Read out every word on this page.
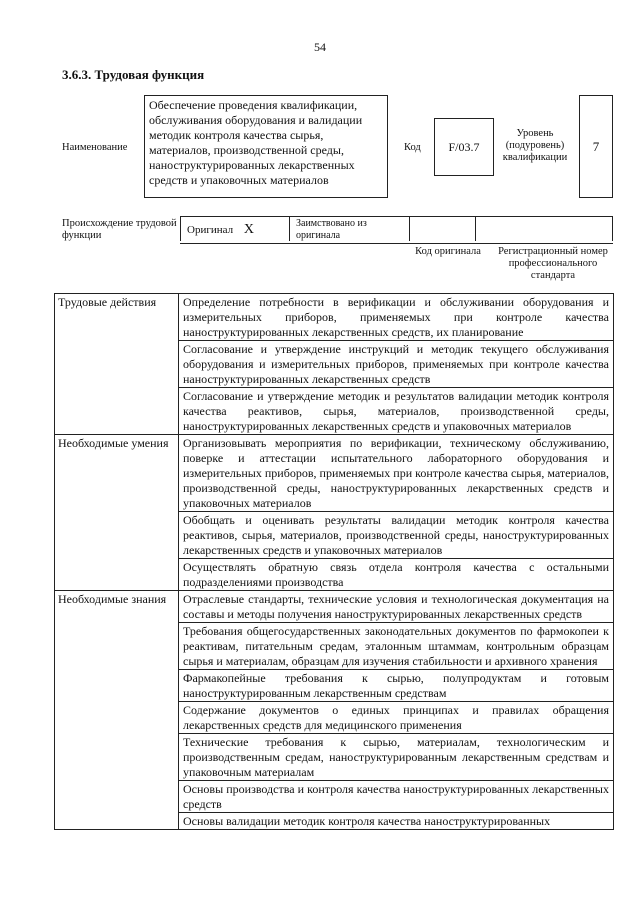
54
3.6.3. Трудовая функция
Наименование
Обеспечение проведения квалификации, обслуживания оборудования и валидации методик контроля качества сырья, материалов, производственной среды, наноструктурированных лекарственных средств и упаковочных материалов
Код	F/03.7
Уровень (подуровень) квалификации
7
Происхождение трудовой функции	Оригинал X	Заимствовано из оригинала
Код оригинала	Регистрационный номер профессионального стандарта
Трудовые действия	Определение потребности в верификации и обслуживании оборудования и измерительных приборов, применяемых при контроле качества наноструктурированных лекарственных средств, их планирование
	Согласование и утверждение инструкций и методик текущего обслуживания оборудования и измерительных приборов, применяемых при контроле качества наноструктурированных лекарственных средств
	Согласование и утверждение методик и результатов валидации методик контроля качества реактивов, сырья, материалов, производственной среды, наноструктурированных лекарственных средств и упаковочных материалов
Необходимые умения	Организовывать мероприятия по верификации, техническому обслуживанию, поверке и аттестации испытательного лабораторного оборудования и измерительных приборов, применяемых при контроле качества сырья, материалов, производственной среды, наноструктурированных лекарственных средств и упаковочных материалов
	Обобщать и оценивать результаты валидации методик контроля качества реактивов, сырья, материалов, производственной среды, наноструктурированных лекарственных средств и упаковочных материалов
	Осуществлять обратную связь отдела контроля качества с остальными подразделениями производства
Необходимые знания	Отраслевые стандарты, технические условия и технологическая документация на составы и методы получения наноструктурированных лекарственных средств
	Требования общегосударственных законодательных документов по фармокопеи к реактивам, питательным средам, эталонным штаммам, контрольным образцам сырья и материалам, образцам для изучения стабильности и архивного хранения
	Фармакопейные требования к сырью, полупродуктам и готовым наноструктурированным лекарственным средствам
	Содержание документов о единых принципах и правилах обращения лекарственных средств для медицинского применения
	Технические требования к сырью, материалам, технологическим и производственным средам, наноструктурированным лекарственным средствам и упаковочным материалам
	Основы производства и контроля качества наноструктурированных лекарственных средств
	Основы валидации методик контроля качества наноструктурированных
